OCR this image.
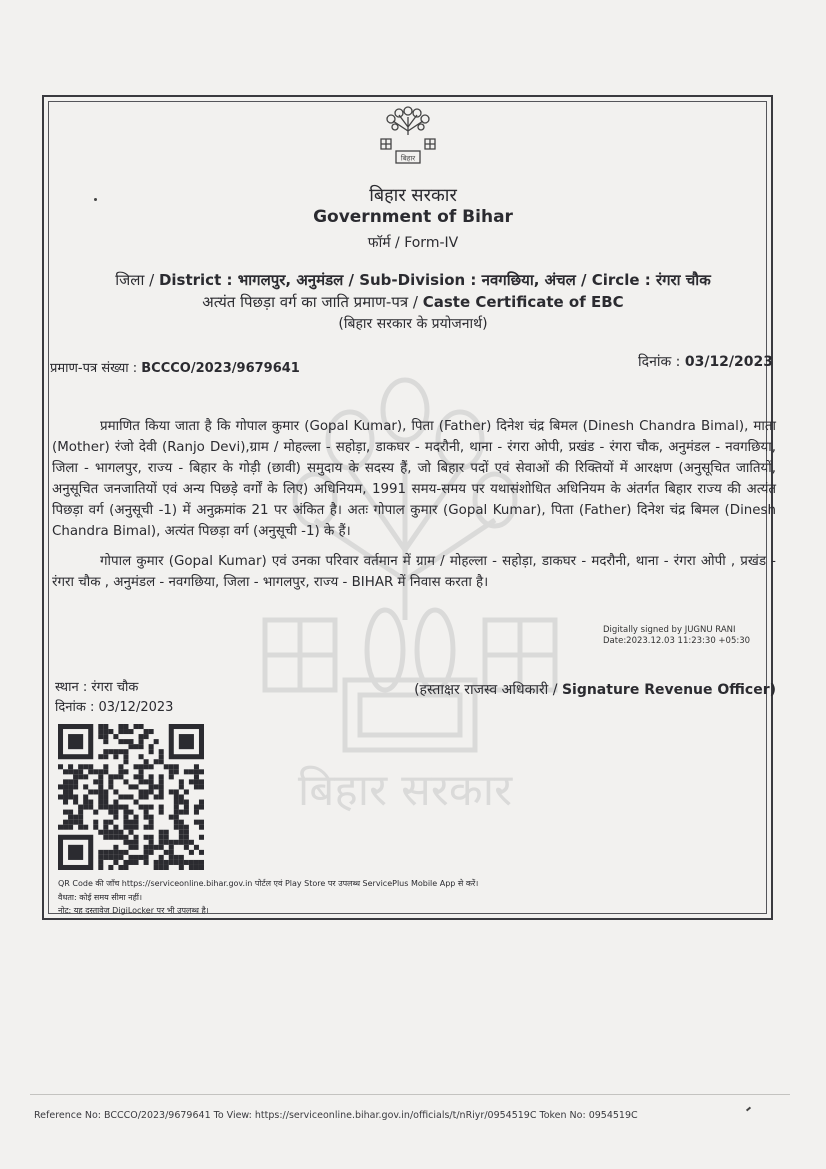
बिहार
बिहार सरकार
बिहार सरकार
Government of Bihar
फॉर्म / Form-IV
जिला / District : भागलपुर, अनुमंडल / Sub-Division : नवगछिया, अंचल / Circle : रंगरा चौक
अत्यंत पिछड़ा वर्ग का जाति प्रमाण-पत्र / Caste Certificate of EBC
(बिहार सरकार के प्रयोजनार्थ)
प्रमाण-पत्र संख्या : BCCCO/2023/9679641	दिनांक : 03/12/2023

प्रमाणित किया जाता है कि गोपाल कुमार (Gopal Kumar), पिता (Father) दिनेश चंद्र बिमल (Dinesh Chandra Bimal), माता (Mother) रंजो देवी (Ranjo Devi),ग्राम / मोहल्ला - सहोड़ा, डाकघर - मदरौनी, थाना - रंगरा ओपी, प्रखंड - रंगरा चौक, अनुमंडल - नवगछिया, जिला - भागलपुर, राज्य - बिहार के गोड़ी (छावी) समुदाय के सदस्य हैं, जो बिहार पदों एवं सेवाओं की रिक्तियों में आरक्षण (अनुसूचित जातियों, अनुसूचित जनजातियों एवं अन्य पिछड़े वर्गों के लिए) अधिनियम, 1991 समय-समय पर यथासंशोधित अधिनियम के अंतर्गत बिहार राज्य की अत्यंत पिछड़ा वर्ग (अनुसूची -1) में अनुक्रमांक 21 पर अंकित है। अतः गोपाल कुमार (Gopal Kumar), पिता (Father) दिनेश चंद्र बिमल (Dinesh Chandra Bimal), अत्यंत पिछड़ा वर्ग (अनुसूची -1) के हैं।

गोपाल कुमार (Gopal Kumar) एवं उनका परिवार वर्तमान में ग्राम / मोहल्ला - सहोड़ा, डाकघर - मदरौनी, थाना - रंगरा ओपी , प्रखंड - रंगरा चौक , अनुमंडल - नवगछिया, जिला - भागलपुर, राज्य - BIHAR में निवास करता है।

Digitally signed by JUGNU RANI
Date:2023.12.03 11:23:30 +05:30
स्थान : रंगरा चौक
दिनांक : 03/12/2023
(हस्ताक्षर राजस्व अधिकारी / Signature Revenue Officer)
QR Code की जाँच https://serviceonline.bihar.gov.in पोर्टल एवं Play Store पर उपलब्ध ServicePlus Mobile App से करें।
वैधता: कोई समय सीमा नहीं।
नोट: यह दस्तावेज DigiLocker पर भी उपलब्ध है।
Reference No: BCCCO/2023/9679641 To View: https://serviceonline.bihar.gov.in/officials/t/nRiyr/0954519C Token No: 0954519C
